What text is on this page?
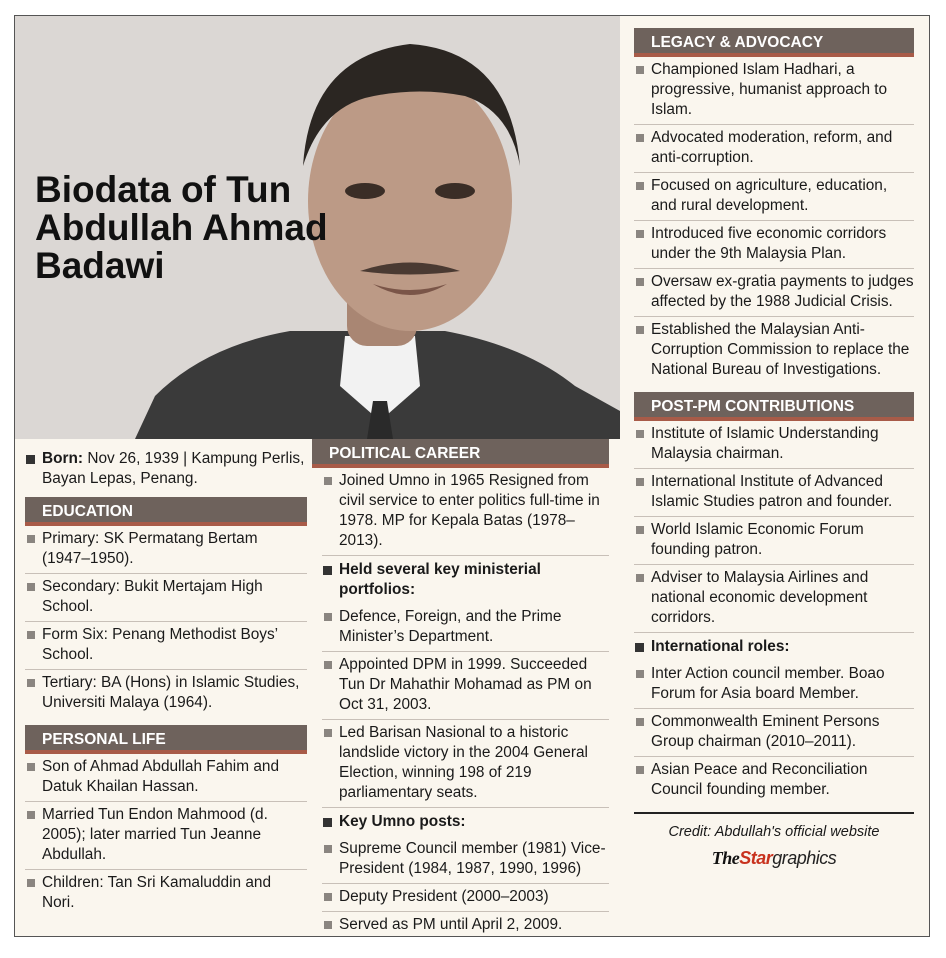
Biodata of Tun Abdullah Ahmad Badawi
Born: Nov 26, 1939 | Kampung Perlis, Bayan Lepas, Penang.
EDUCATION
Primary: SK Permatang Bertam (1947–1950).
Secondary: Bukit Mertajam High School.
Form Six: Penang Methodist Boys’ School.
Tertiary: BA (Hons) in Islamic Studies, Universiti Malaya (1964).
PERSONAL LIFE
Son of Ahmad Abdullah Fahim and Datuk Khailan Hassan.
Married Tun Endon Mahmood (d. 2005); later married Tun Jeanne Abdullah.
Children: Tan Sri Kamaluddin and Nori.
POLITICAL CAREER
Joined Umno in 1965 Resigned from civil service to enter politics full-time in 1978. MP for Kepala Batas (1978–2013).
Held several key ministerial portfolios:
Defence, Foreign, and the Prime Minister’s Department.
Appointed DPM in 1999. Succeeded Tun Dr Mahathir Mohamad as PM on Oct 31, 2003.
Led Barisan Nasional to a historic landslide victory in the 2004 General Election, winning 198 of 219 parliamentary seats.
Key Umno posts:
Supreme Council member (1981) Vice-President (1984, 1987, 1990, 1996)
Deputy President (2000–2003)
Served as PM until April 2, 2009.
LEGACY & ADVOCACY
Championed Islam Hadhari, a progressive, humanist approach to Islam.
Advocated moderation, reform, and anti-corruption.
Focused on agriculture, education, and rural development.
Introduced five economic corridors under the 9th Malaysia Plan.
Oversaw ex-gratia payments to judges affected by the 1988 Judicial Crisis.
Established the Malaysian Anti-Corruption Commission to replace the National Bureau of Investigations.
POST-PM CONTRIBUTIONS
Institute of Islamic Understanding Malaysia chairman.
International Institute of Advanced Islamic Studies patron and founder.
World Islamic Economic Forum founding patron.
Adviser to Malaysia Airlines and national economic development corridors.
International roles:
Inter Action council member. Boao Forum for Asia board Member.
Commonwealth Eminent Persons Group chairman (2010–2011).
Asian Peace and Reconciliation Council founding member.
Credit: Abdullah's official website
TheStargraphics
